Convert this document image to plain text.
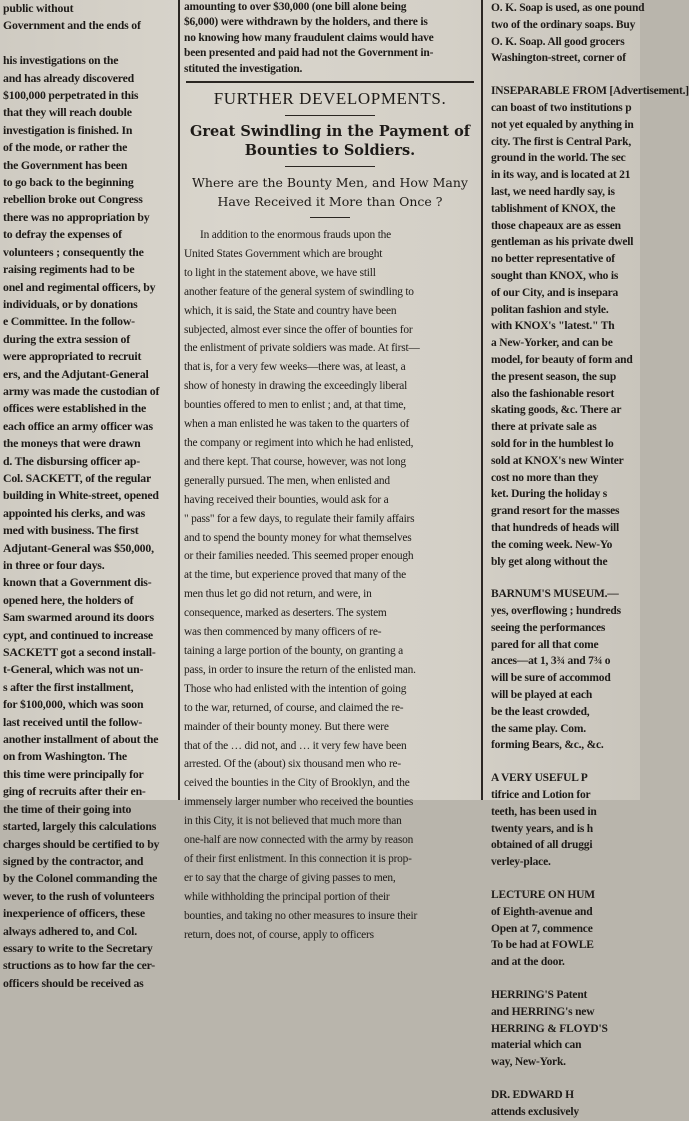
public without
Government and the ends of

his investigations on the
and has already discovered
$100,000 perpetrated in this
that they will reach double
investigation is finished. In
of the mode, or rather the
the Government has been
to go back to the beginning
rebellion broke out Congress
there was no appropriation by
to defray the expenses of
volunteers ; consequently the
raising regiments had to be
onel and regimental officers, by
individuals, or by donations
e Committee. In the follow-
during the extra session of
were appropriated to recruit
ers, and the Adjutant-General
army was made the custodian of
offices were established in the
each office an army officer was
the moneys that were drawn
d. The disbursing officer ap-
Col. SACKETT, of the regular
building in White-street, opened
appointed his clerks, and was
med with business. The first
Adjutant-General was $50,000,
in three or four days.
known that a Government dis-
opened here, the holders of
Sam swarmed around its doors
cypt, and continued to increase
SACKETT got a second install-
t-General, which was not un-
s after the first installment,
for $100,000, which was soon
last received until the follow-
another installment of about the
on from Washington. The
this time were principally for
ging of recruits after their en-
the time of their going into
started, largely this calculations
charges should be certified to by
signed by the contractor, and
by the Colonel commanding the
wever, to the rush of volunteers
inexperience of officers, these
always adhered to, and Col.
essary to write to the Secretary
structions as to how far the cer-
officers should be received as
amounting to over $30,000 (one bill alone being
$6,000) were withdrawn by the holders, and there is
no knowing how many fraudulent claims would have
been presented and paid had not the Government in-
stituted the investigation.
FURTHER DEVELOPMENTS.
Great Swindling in the Payment of Bounties to Soldiers.
Where are the Bounty Men, and How Many Have Received it More than Once ?
In addition to the enormous frauds upon the
United States Government which are brought
to light in the statement above, we have still
another feature of the general system of swindling to
which, it is said, the State and country have been
subjected, almost ever since the offer of bounties for
the enlistment of private soldiers was made. At first—
that is, for a very few weeks—there was, at least, a
show of honesty in drawing the exceedingly liberal
bounties offered to men to enlist ; and, at that time,
when a man enlisted he was taken to the quarters of
the company or regiment into which he had enlisted,
and there kept. That course, however, was not long
generally pursued. The men, when enlisted and
having received their bounties, would ask for a
" pass" for a few days, to regulate their family affairs
and to spend the bounty money for what themselves
or their families needed. This seemed proper enough
at the time, but experience proved that many of the
men thus let go did not return, and were, in
consequence, marked as deserters. The system
was then commenced by many officers of re-
taining a large portion of the bounty, on granting a
pass, in order to insure the return of the enlisted man.
Those who had enlisted with the intention of going
to the war, returned, of course, and claimed the re-
mainder of their bounty money. But there were
that of the … did not, and … it very few have been
arrested. Of the (about) six thousand men who re-
ceived the bounties in the City of Brooklyn, and the
immensely larger number who received the bounties
in this City, it is not believed that much more than
one-half are now connected with the army by reason
of their first enlistment. In this connection it is prop-
er to say that the charge of giving passes to men,
while withholding the principal portion of their
bounties, and taking no other measures to insure their
return, does not, of course, apply to officers
O. K. Soap is used, as one pound
two of the ordinary soaps. Buy
O. K. Soap. All good grocers
Washington-street, corner of

INSEPARABLE FROM [Advertisement.]
can boast of two institutions p
not yet equaled by anything in
city. The first is Central Park,
ground in the world. The sec
in its way, and is located at 21
last, we need hardly say, is
tablishment of KNOX, the
those chapeaux are as essen
gentleman as his private dwell
no better representative of
sought than KNOX, who is
of our City, and is insepara
politan fashion and style.
with KNOX's "latest." Th
a New-Yorker, and can be
model, for beauty of form and
the present season, the sup
also the fashionable resort
skating goods, &c. There ar
there at private sale as
sold for in the humblest lo
sold at KNOX's new Winter
cost no more than they
ket. During the holiday s
grand resort for the masses
that hundreds of heads will
the coming week. New-Yo
bly get along without the

BARNUM'S MUSEUM.—
yes, overflowing ; hundreds
seeing the performances
pared for all that come
ances—at 1, 3¾ and 7¾ o
will be sure of accommod
will be played at each
be the least crowded,
the same play. Com.
forming Bears, &c., &c.

A VERY USEFUL P
tifrice and Lotion for
teeth, has been used in
twenty years, and is h
obtained of all druggi
verley-place.

LECTURE ON HUM
of Eighth-avenue and
Open at 7, commence
To be had at FOWLE
and at the door.

HERRING'S Patent
and HERRING's new
HERRING & FLOYD'S
material which can
way, New-York.

DR. EDWARD H
attends exclusively
